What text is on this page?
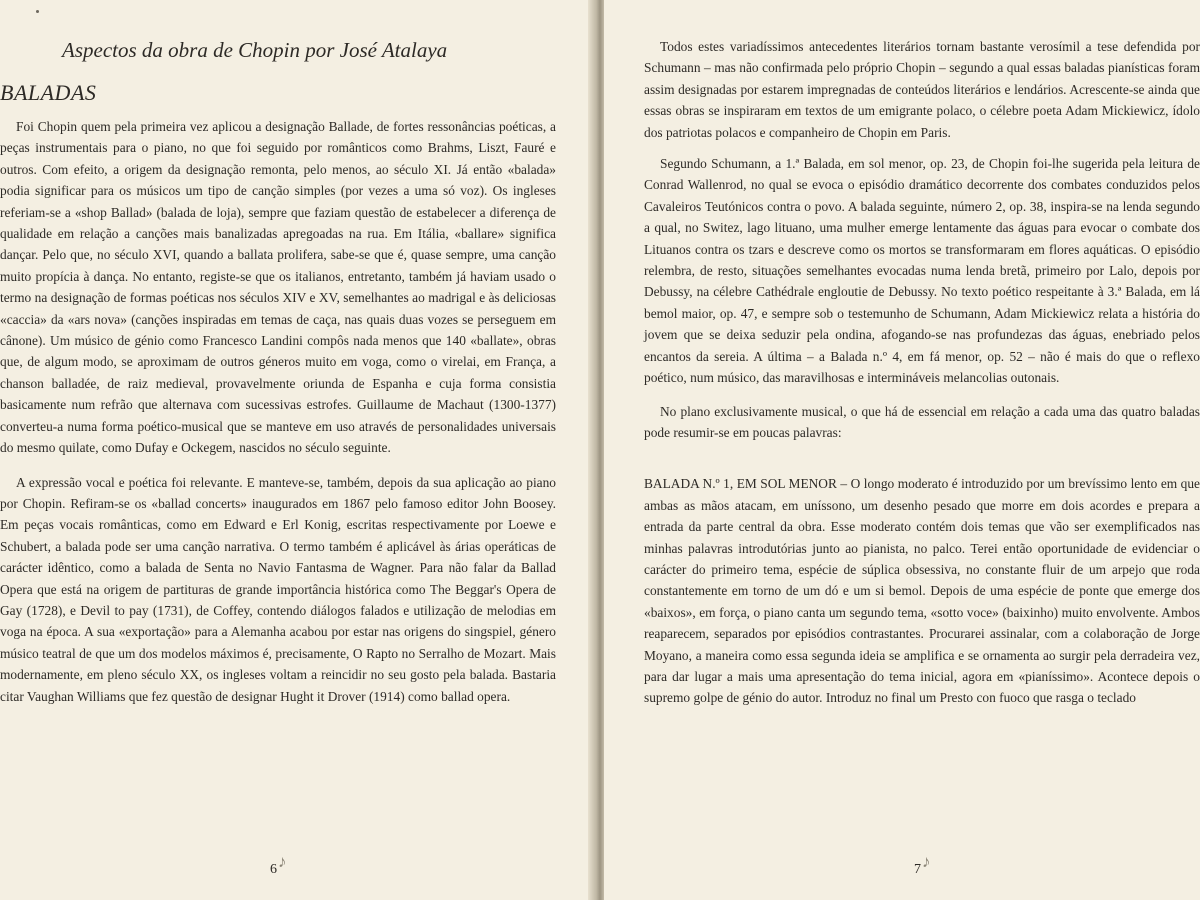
Aspectos da obra de Chopin por José Atalaya
BALADAS

Foi Chopin quem pela primeira vez aplicou a designação Ballade, de fortes ressonâncias poéticas, a peças instrumentais para o piano, no que foi seguido por românticos como Brahms, Liszt, Fauré e outros. Com efeito, a origem da designação remonta, pelo menos, ao século XI. Já então «balada» podia significar para os músicos um tipo de canção simples (por vezes a uma só voz). Os ingleses referiam-se a «shop Ballad» (balada de loja), sempre que faziam questão de estabelecer a diferença de qualidade em relação a canções mais banalizadas apregoadas na rua. Em Itália, «ballare» significa dançar. Pelo que, no século XVI, quando a ballata prolifera, sabe-se que é, quase sempre, uma canção muito propícia à dança. No entanto, registe-se que os italianos, entretanto, também já haviam usado o termo na designação de formas poéticas nos séculos XIV e XV, semelhantes ao madrigal e às deliciosas «caccia» da «ars nova» (canções inspiradas em temas de caça, nas quais duas vozes se perseguem em cânone). Um músico de génio como Francesco Landini compôs nada menos que 140 «ballate», obras que, de algum modo, se aproximam de outros géneros muito em voga, como o virelai, em França, a chanson balladée, de raiz medieval, provavelmente oriunda de Espanha e cuja forma consistia basicamente num refrão que alternava com sucessivas estrofes. Guillaume de Machaut (1300-1377) converteu-a numa forma poético-musical que se manteve em uso através de personalidades universais do mesmo quilate, como Dufay e Ockegem, nascidos no século seguinte.

A expressão vocal e poética foi relevante. E manteve-se, também, depois da sua aplicação ao piano por Chopin. Refiram-se os «ballad concerts» inaugurados em 1867 pelo famoso editor John Boosey. Em peças vocais românticas, como em Edward e Erl Konig, escritas respectivamente por Loewe e Schubert, a balada pode ser uma canção narrativa. O termo também é aplicável às árias operáticas de carácter idêntico, como a balada de Senta no Navio Fantasma de Wagner. Para não falar da Ballad Opera que está na origem de partituras de grande importância histórica como The Beggar's Opera de Gay (1728), e Devil to pay (1731), de Coffey, contendo diálogos falados e utilização de melodias em voga na época. A sua «exportação» para a Alemanha acabou por estar nas origens do singspiel, género músico teatral de que um dos modelos máximos é, precisamente, O Rapto no Serralho de Mozart. Mais modernamente, em pleno século XX, os ingleses voltam a reincidir no seu gosto pela balada. Bastaria citar Vaughan Williams que fez questão de designar Hught it Drover (1914) como ballad opera.

♪
6

Todos estes variadíssimos antecedentes literários tornam bastante verosímil a tese defendida por Schumann – mas não confirmada pelo próprio Chopin – segundo a qual essas baladas pianísticas foram assim designadas por estarem impregnadas de conteúdos literários e lendários. Acrescente-se ainda que essas obras se inspiraram em textos de um emigrante polaco, o célebre poeta Adam Mickiewicz, ídolo dos patriotas polacos e companheiro de Chopin em Paris.

Segundo Schumann, a 1.ª Balada, em sol menor, op. 23, de Chopin foi-lhe sugerida pela leitura de Conrad Wallenrod, no qual se evoca o episódio dramático decorrente dos combates conduzidos pelos Cavaleiros Teutónicos contra o povo. A balada seguinte, número 2, op. 38, inspira-se na lenda segundo a qual, no Switez, lago lituano, uma mulher emerge lentamente das águas para evocar o combate dos Lituanos contra os tzars e descreve como os mortos se transformaram em flores aquáticas. O episódio relembra, de resto, situações semelhantes evocadas numa lenda bretã, primeiro por Lalo, depois por Debussy, na célebre Cathédrale engloutie de Debussy. No texto poético respeitante à 3.ª Balada, em lá bemol maior, op. 47, e sempre sob o testemunho de Schumann, Adam Mickiewicz relata a história do jovem que se deixa seduzir pela ondina, afogando-se nas profundezas das águas, enebriado pelos encantos da sereia. A última – a Balada n.º 4, em fá menor, op. 52 – não é mais do que o reflexo poético, num músico, das maravilhosas e intermináveis melancolias outonais.

No plano exclusivamente musical, o que há de essencial em relação a cada uma das quatro baladas pode resumir-se em poucas palavras:

BALADA N.º 1, EM SOL MENOR – O longo moderato é introduzido por um brevíssimo lento em que ambas as mãos atacam, em uníssono, um desenho pesado que morre em dois acordes e prepara a entrada da parte central da obra. Esse moderato contém dois temas que vão ser exemplificados nas minhas palavras introdutórias junto ao pianista, no palco. Terei então oportunidade de evidenciar o carácter do primeiro tema, espécie de súplica obsessiva, no constante fluir de um arpejo que roda constantemente em torno de um dó e um si bemol. Depois de uma espécie de ponte que emerge dos «baixos», em força, o piano canta um segundo tema, «sotto voce» (baixinho) muito envolvente. Ambos reaparecem, separados por episódios contrastantes. Procurarei assinalar, com a colaboração de Jorge Moyano, a maneira como essa segunda ideia se amplifica e se ornamenta ao surgir pela derradeira vez, para dar lugar a mais uma apresentação do tema inicial, agora em «pianíssimo». Acontece depois o supremo golpe de génio do autor. Introduz no final um Presto con fuoco que rasga o teclado

♪
7
